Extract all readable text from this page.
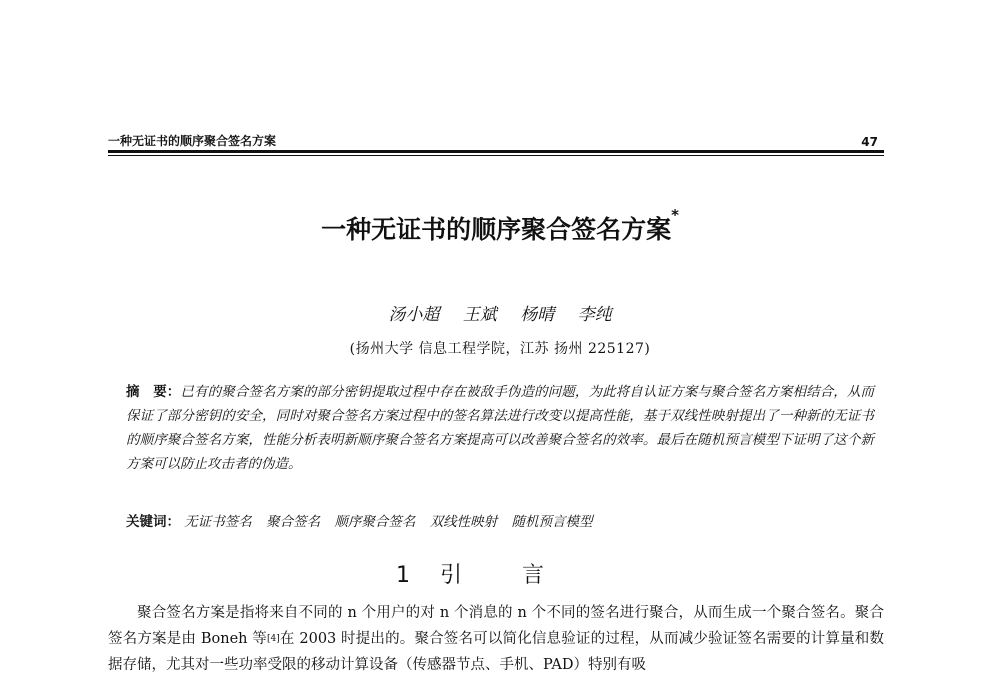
一种无证书的顺序聚合签名方案	47
一种无证书的顺序聚合签名方案*
汤小超 王斌 杨晴 李纯
(扬州大学 信息工程学院，江苏 扬州 225127)
摘　要：已有的聚合签名方案的部分密钥提取过程中存在被敌手伪造的问题，为此将自认证方案与聚合签名方案相结合，从而保证了部分密钥的安全，同时对聚合签名方案过程中的签名算法进行改变以提高性能，基于双线性映射提出了一种新的无证书的顺序聚合签名方案，性能分析表明新顺序聚合签名方案提高可以改善聚合签名的效率。最后在随机预言模型下证明了这个新方案可以防止攻击者的伪造。
关键词： 无证书签名 聚合签名 顺序聚合签名 双线性映射 随机预言模型
1 引言

聚合签名方案是指将来自不同的 n 个用户的对 n 个消息的 n 个不同的签名进行聚合，从而生成一个聚合签名。聚合签名方案是由 Boneh 等[4]在 2003 时提出的。聚合签名可以简化信息验证的过程，从而减少验证签名需要的计算量和数据存储，尤其对一些功率受限的移动计算设备（传感器节点、手机、PAD）特别有吸
